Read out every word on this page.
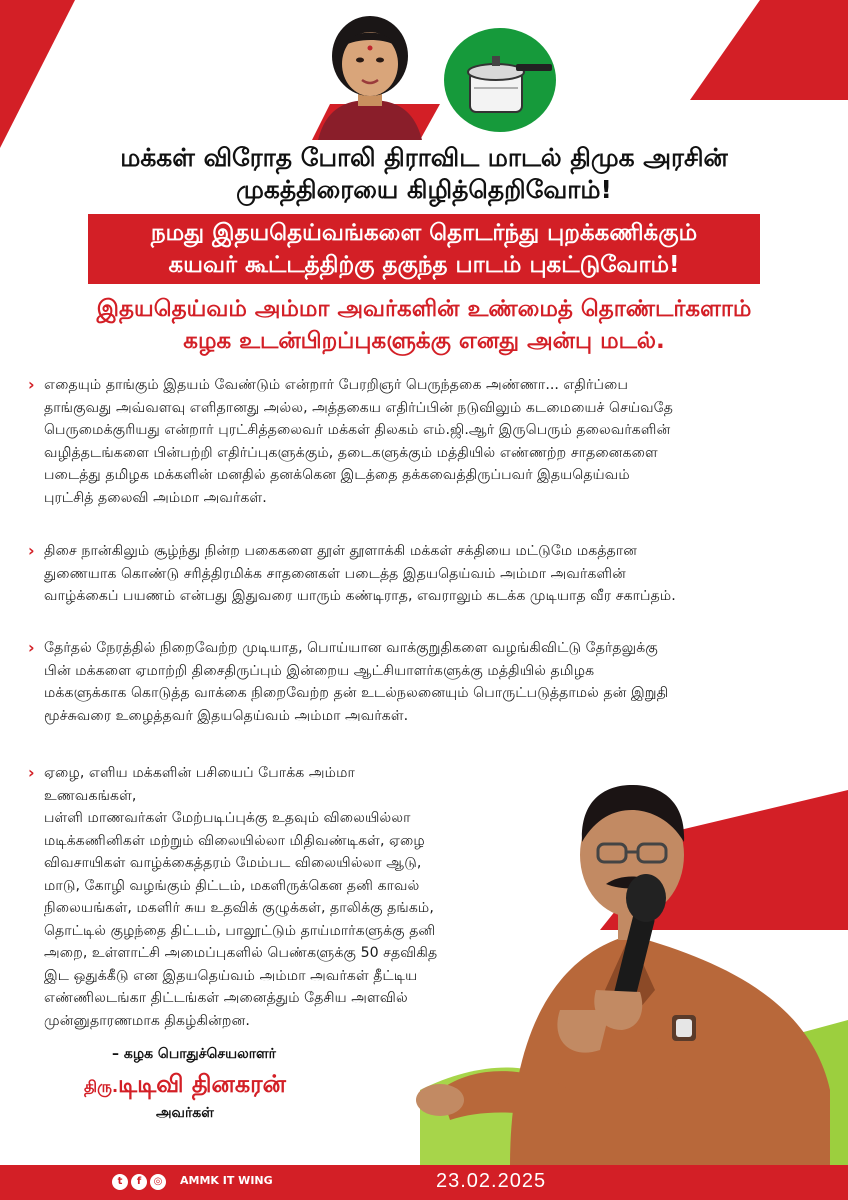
மக்கள் விரோத போலி திராவிட மாடல் திமுக அரசின்
முகத்திரையை கிழித்தெறிவோம்!
நமது இதயதெய்வங்களை தொடர்ந்து புறக்கணிக்கும்
கயவர் கூட்டத்திற்கு தகுந்த பாடம் புகட்டுவோம்!
இதயதெய்வம் அம்மா அவர்களின் உண்மைத் தொண்டர்களாம்
கழக உடன்பிறப்புகளுக்கு எனது அன்பு மடல்.
› எதையும் தாங்கும் இதயம் வேண்டும் என்றார் பேரறிஞர் பெருந்தகை அண்ணா... எதிர்ப்பை
தாங்குவது அவ்வளவு எளிதானது அல்ல, அத்தகைய எதிர்ப்பின் நடுவிலும் கடமையைச் செய்வதே
பெருமைக்குரியது என்றார் புரட்சித்தலைவர் மக்கள் திலகம் எம்.ஜி.ஆர் இருபெரும் தலைவர்களின்
வழித்தடங்களை பின்பற்றி எதிர்ப்புகளுக்கும், தடைகளுக்கும் மத்தியில் எண்ணற்ற சாதனைகளை
படைத்து தமிழக மக்களின் மனதில் தனக்கென இடத்தை தக்கவைத்திருப்பவர் இதயதெய்வம்
புரட்சித் தலைவி அம்மா அவர்கள்.
› திசை நான்கிலும் சூழ்ந்து நின்ற பகைகளை தூள் தூளாக்கி மக்கள் சக்தியை மட்டுமே மகத்தான
துணையாக கொண்டு சரித்திரமிக்க சாதனைகள் படைத்த இதயதெய்வம் அம்மா அவர்களின்
வாழ்க்கைப் பயணம் என்பது இதுவரை யாரும் கண்டிராத, எவராலும் கடக்க முடியாத வீர சகாப்தம்.
› தேர்தல் நேரத்தில் நிறைவேற்ற முடியாத, பொய்யான வாக்குறுதிகளை வழங்கிவிட்டு தேர்தலுக்கு
பின் மக்களை ஏமாற்றி திசைதிருப்பும் இன்றைய ஆட்சியாளர்களுக்கு மத்தியில் தமிழக
மக்களுக்காக கொடுத்த வாக்கை நிறைவேற்ற தன் உடல்நலனையும் பொருட்படுத்தாமல் தன் இறுதி
மூச்சுவரை உழைத்தவர் இதயதெய்வம் அம்மா அவர்கள்.
› ஏழை, எளிய மக்களின் பசியைப் போக்க அம்மா உணவகங்கள்,
பள்ளி மாணவர்கள் மேற்படிப்புக்கு உதவும் விலையில்லா
மடிக்கணினிகள் மற்றும் விலையில்லா மிதிவண்டிகள், ஏழை
விவசாயிகள் வாழ்க்கைத்தரம் மேம்பட விலையில்லா ஆடு,
மாடு, கோழி வழங்கும் திட்டம், மகளிருக்கென தனி காவல்
நிலையங்கள், மகளிர் சுய உதவிக் குழுக்கள், தாலிக்கு தங்கம்,
தொட்டில் குழந்தை திட்டம், பாலூட்டும் தாய்மார்களுக்கு தனி
அறை, உள்ளாட்சி அமைப்புகளில் பெண்களுக்கு 50 சதவிகித
இட ஒதுக்கீடு என இதயதெய்வம் அம்மா அவர்கள் தீட்டிய
எண்ணிலடங்கா திட்டங்கள் அனைத்தும் தேசிய அளவில்
முன்னுதாரணமாக திகழ்கின்றன.
– கழக பொதுச்செயலாளர்
திரு.டிடிவி தினகரன்
அவர்கள்
t	f	◎	AMMK IT WING	23.02.2025
